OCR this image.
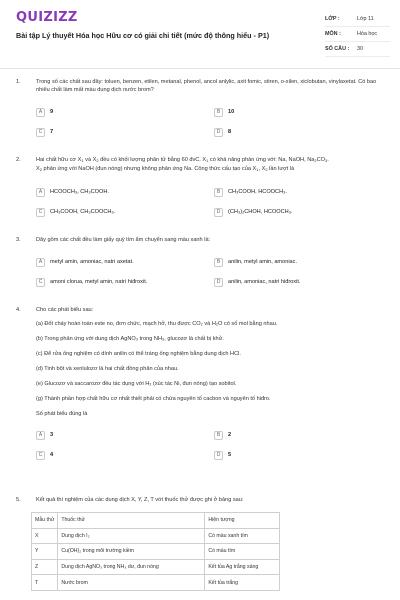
QUIZIZZ
Bài tập Lý thuyết Hóa học Hữu cơ có giải chi tiết (mức độ thông hiểu - P1)
LỚP :	Lớp 11
MÔN :	Hóa học
SỐ CÂU :	30
1.	Trong số các chất sau đây: toluen, benzen, etilen, metanal, phenol, ancol anlylic, axit fomic, stiren, o-xilen, xiclobutan, vinylaxetat. Có bao nhiêu chất làm mất màu dung dịch nước brom?
A	9	B	10
C	7	D	8
2.	Hai chất hữu cơ $X_1$ và $X_2$ đều có khối lượng phân tử bằng 60 đvC. $X_1$ có khả năng phản ứng với: Na, NaOH, $Na_2CO_3$.
$X_2$ phản ứng với NaOH (đun nóng) nhưng không phản ứng Na. Công thức cấu tạo của $X_1$, $X_2$ lần lượt là
A	HCOOCH₃, CH₃COOH.	B	CH₃COOH, HCOOCH₃.
C	CH₃COOH, CH₃COOCH₃.	D	(CH₃)₂CHOH, HCOOCH₃.
3.	Dãy gồm các chất đều làm giấy quỳ tím ẩm chuyển sang màu xanh là:
A	metyl amin, amoniac, natri axetat.	B	anilin, metyl amin, amoniac.
C	amoni clorua, metyl amin, natri hiđroxit.	D	anilin, amoniac, natri hiđroxit.
4.	Cho các phát biểu sau:
(a) Đốt cháy hoàn toàn este no, đơn chức, mạch hở, thu được CO₂ và H₂O có số mol bằng nhau.
(b) Trong phản ứng với dung dịch AgNO₃ trong NH₃, glucozơ là chất bị khử.
(c) Để rửa ống nghiệm có dính anilin có thể tráng ống nghiệm bằng dung dịch HCl.
(d) Tinh bột và xenlulozơ là hai chất đồng phân của nhau.
(e) Glucozơ và saccarozơ đều tác dụng với H₂ (xúc tác Ni, đun nóng) tạo sobitol.
(g) Thành phần hợp chất hữu cơ nhất thiết phải có chứa nguyên tố cacbon và nguyên tố hiđro.
Số phát biểu đúng là
A	3	B	2
C	4	D	5
5.	Kết quả thí nghiệm của các dung dịch X, Y, Z, T với thuốc thử được ghi ở bảng sau:
Mẫu thử	Thuốc thử	Hiện tượng
X	Dung dịch I₂	Có màu xanh tím
Y	Cu(OH)₂ trong môi trường kiềm	Có màu tím
Z	Dung dịch AgNO₃ trong NH₃ dư, đun nóng	Kết tủa Ag trắng sáng
T	Nước brom	Kết tủa trắng
